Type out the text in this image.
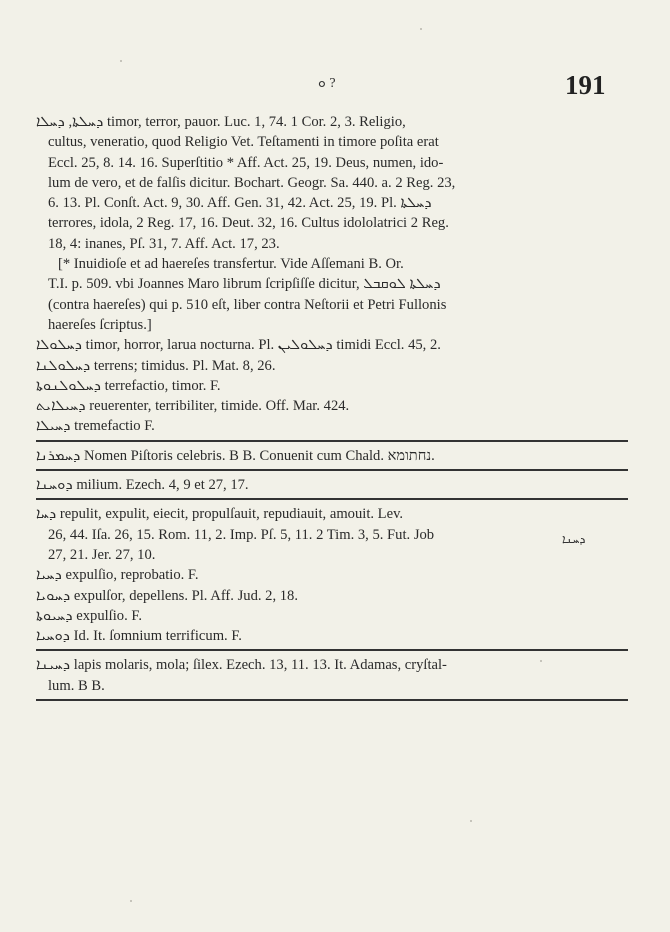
ܘ ?	191
ܕܚܠܬܐ, ܕܚܠܐ timor, terror, pauor. Luc. 1, 74. 1 Cor. 2, 3. Religio,
cultus, veneratio, quod Religio Vet. Teſtamenti in timore poſita erat
Eccl. 25, 8. 14. 16. Superſtitio * Aff. Act. 25, 19. Deus, numen, ido-
lum de vero, et de falſis dicitur. Bochart. Geogr. Sa. 440. a. 2 Reg. 23,
6. 13. Pl. Conſt. Act. 9, 30. Aff. Gen. 31, 42. Act. 25, 19. Pl. ܕܚܠܬܐ
terrores, idola, 2 Reg. 17, 16. Deut. 32, 16. Cultus idololatrici 2 Reg.
18, 4: inanes, Pſ. 31, 7. Aff. Act. 17, 23.
[* Inuidioſe et ad haereſes transfertur. Vide Aſſemani B. Or.
T.I. p. 509. vbi Joannes Maro librum ſcripſiſſe dicitur, ܕܚܠܬܐ ܠܘܩܒܠ
(contra haereſes) qui p. 510 eſt, liber contra Neſtorii et Petri Fullonis
haereſes ſcriptus.]
ܕܚܠܘܠܐ timor, horror, larua nocturna. Pl. ܕܚܠܘܠܝܢ timidi Eccl. 45, 2.
ܕܚܠܘܠܢܐ terrens; timidus. Pl. Mat. 8, 26.
ܕܚܠܘܠܢܘܬܐ terrefactio, timor. F.
ܕܚܝܠܐܝܬ reuerenter, terribiliter, timide. Off. Mar. 424.
ܕܚܝܠܐ tremefactio F.
ܕܚܡܪܢܐ Nomen Piſtoris celebris. B B. Conuenit cum Chald. נחתומא.
ܕܘܚܢܐ milium. Ezech. 4, 9 et 27, 17.
ܕܚܐ repulit, expulit, eiecit, propulſauit, repudiauit, amouit. Lev.
26, 44. Iſa. 26, 15. Rom. 11, 2. Imp. Pſ. 5, 11. 2 Tim. 3, 5. Fut. Job
27, 21. Jer. 27, 10.
ܕܚܝܐ expulſio, reprobatio. F.
ܕܚܘܝܐ expulſor, depellens. Pl. Aff. Jud. 2, 18.
ܕܚܝܘܬܐ expulſio. F.
ܕܘܚܝܐ Id. It. ſomnium terrificum. F.
ܕܚܝܢܐ lapis molaris, mola; ſilex. Ezech. 13, 11. 13. It. Adamas, cryſtal-
lum. B B.
ܕܚܢܐ
